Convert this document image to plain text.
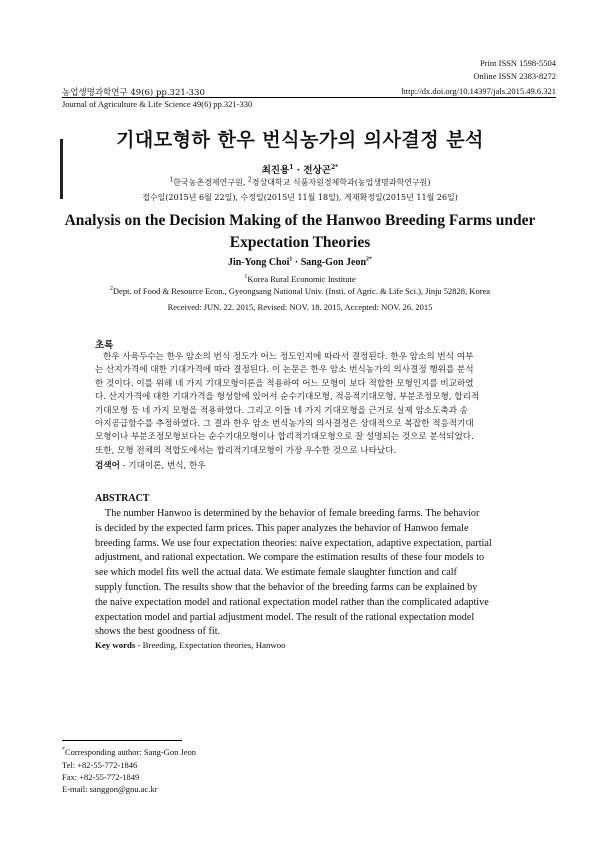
Print ISSN 1598-5504
Online ISSN 2383-8272
농업생명과학연구 49(6) pp.321-330	http://dx.doi.org/10.14397/jals.2015.49.6.321
Journal of Agriculture & Life Science 49(6) pp.321-330
기대모형하 한우 번식농가의 의사결정 분석
최진용$^1$ · 전상곤$^{2*}$
$^1$한국농촌경제연구원, $^2$경상대학교 식품자원경제학과(농업생명과학연구원)
접수일(2015년 6월 22일), 수정일(2015년 11월 18일), 게재확정일(2015년 11월 26일)
Analysis on the Decision Making of the Hanwoo Breeding Farms under
Expectation Theories
Jin-Yong Choi$^1$ · Sang-Gon Jeon$^{2*}$
$^1$Korea Rural Economic Institute
$^2$Dept. of Food & Resource Econ., Gyeongsang National Univ. (Insti. of Agric. & Life Sci.), Jinju 52828, Korea
Received: JUN. 22. 2015, Revised: NOV. 18. 2015, Accepted: NOV. 26. 2015
초록
한우 사육두수는 한우 암소의 번식 정도가 어느 정도인지에 따라서 결정된다. 한우 암소의 번식 여부
는 산지가격에 대한 기대가격에 따라 결정된다. 이 논문은 한우 암소 번식농가의 의사결정 행위를 분석
한 것이다. 이를 위해 네 가지 기대모형이론을 적용하여 어느 모형이 보다 적합한 모형인지를 비교하였
다. 산지가격에 대한 기대가격을 형성함에 있어서 순수기대모형, 적응적기대모형, 부분조정모형, 합리적
기대모형 등 네 가지 모형을 적용하였다. 그리고 이들 네 가지 기대모형을 근거로 실제 암소도축과 송
아지공급함수를 추정하였다. 그 결과 한우 암소 번식농가의 의사결정은 상대적으로 복잡한 적응적기대
모형이나 부분조정모형보다는 순수기대모형이나 합리적기대모형으로 잘 설명되는 것으로 분석되었다.
또한, 모형 전체의 적합도에서는 합리적기대모형이 가장 우수한 것으로 나타났다.
검색어 - 기대이론, 번식, 한우
ABSTRACT
The number Hanwoo is determined by the behavior of female breeding farms. The behavior
is decided by the expected farm prices. This paper analyzes the behavior of Hanwoo female
breeding farms. We use four expectation theories: naive expectation, adaptive expectation, partial
adjustment, and rational expectation. We compare the estimation results of these four models to
see which model fits well the actual data. We estimate female slaughter function and calf
supply function. The results show that the behavior of the breeding farms can be explained by
the naive expectation model and rational expectation model rather than the complicated adaptive
expectation model and partial adjustment model. The result of the rational expectation model
shows the best goodness of fit.
Key words - Breeding, Expectation theories, Hanwoo
*Corresponding author: Sang-Gon Jeon
Tel: +82-55-772-1846
Fax: +82-55-772-1849
E-mail: sanggon@gnu.ac.kr
